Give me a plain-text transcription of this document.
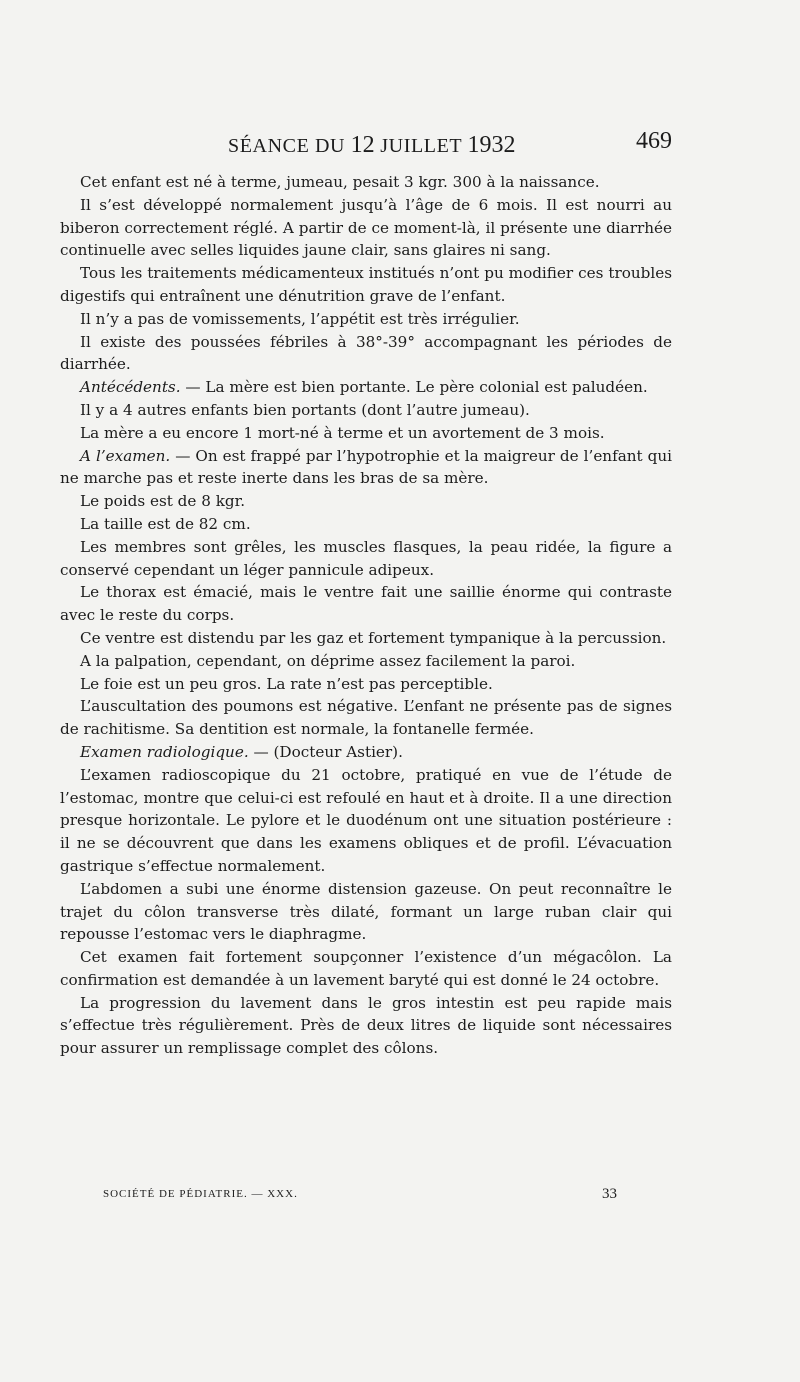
SÉANCE DU 12 JUILLET 1932	469

Cet enfant est né à terme, jumeau, pesait 3 kgr. 300 à la naissance.

Il s’est développé normalement jusqu’à l’âge de 6 mois. Il est nourri au biberon correctement réglé. A partir de ce moment-là, il présente une diarrhée continuelle avec selles liquides jaune clair, sans glaires ni sang.

Tous les traitements médicamenteux institués n’ont pu modifier ces troubles digestifs qui entraînent une dénutrition grave de l’enfant.

Il n’y a pas de vomissements, l’appétit est très irrégulier.

Il existe des poussées fébriles à 38°-39° accompagnant les périodes de diarrhée.

Antécédents. — La mère est bien portante. Le père colonial est paludéen.

Il y a 4 autres enfants bien portants (dont l’autre jumeau).

La mère a eu encore 1 mort-né à terme et un avortement de 3 mois.

A l’examen. — On est frappé par l’hypotrophie et la maigreur de l’enfant qui ne marche pas et reste inerte dans les bras de sa mère.

Le poids est de 8 kgr.

La taille est de 82 cm.

Les membres sont grêles, les muscles flasques, la peau ridée, la figure a conservé cependant un léger pannicule adipeux.

Le thorax est émacié, mais le ventre fait une saillie énorme qui contraste avec le reste du corps.

Ce ventre est distendu par les gaz et fortement tympanique à la percussion.

A la palpation, cependant, on déprime assez facilement la paroi.

Le foie est un peu gros. La rate n’est pas perceptible.

L’auscultation des poumons est négative. L’enfant ne présente pas de signes de rachitisme. Sa dentition est normale, la fontanelle fermée.

Examen radiologique. — (Docteur Astier).

L’examen radioscopique du 21 octobre, pratiqué en vue de l’étude de l’estomac, montre que celui-ci est refoulé en haut et à droite. Il a une direction presque horizontale. Le pylore et le duodénum ont une situation postérieure : il ne se découvrent que dans les examens obliques et de profil. L’évacuation gastrique s’effectue normalement.

L’abdomen a subi une énorme distension gazeuse. On peut reconnaître le trajet du côlon transverse très dilaté, formant un large ruban clair qui repousse l’estomac vers le diaphragme.

Cet examen fait fortement soupçonner l’existence d’un mégacôlon. La confirmation est demandée à un lavement baryté qui est donné le 24 octobre.

La progression du lavement dans le gros intestin est peu rapide mais s’effectue très régulièrement. Près de deux litres de liquide sont nécessaires pour assurer un remplissage complet des côlons.

SOCIÉTÉ DE PÉDIATRIE. — XXX.	33
